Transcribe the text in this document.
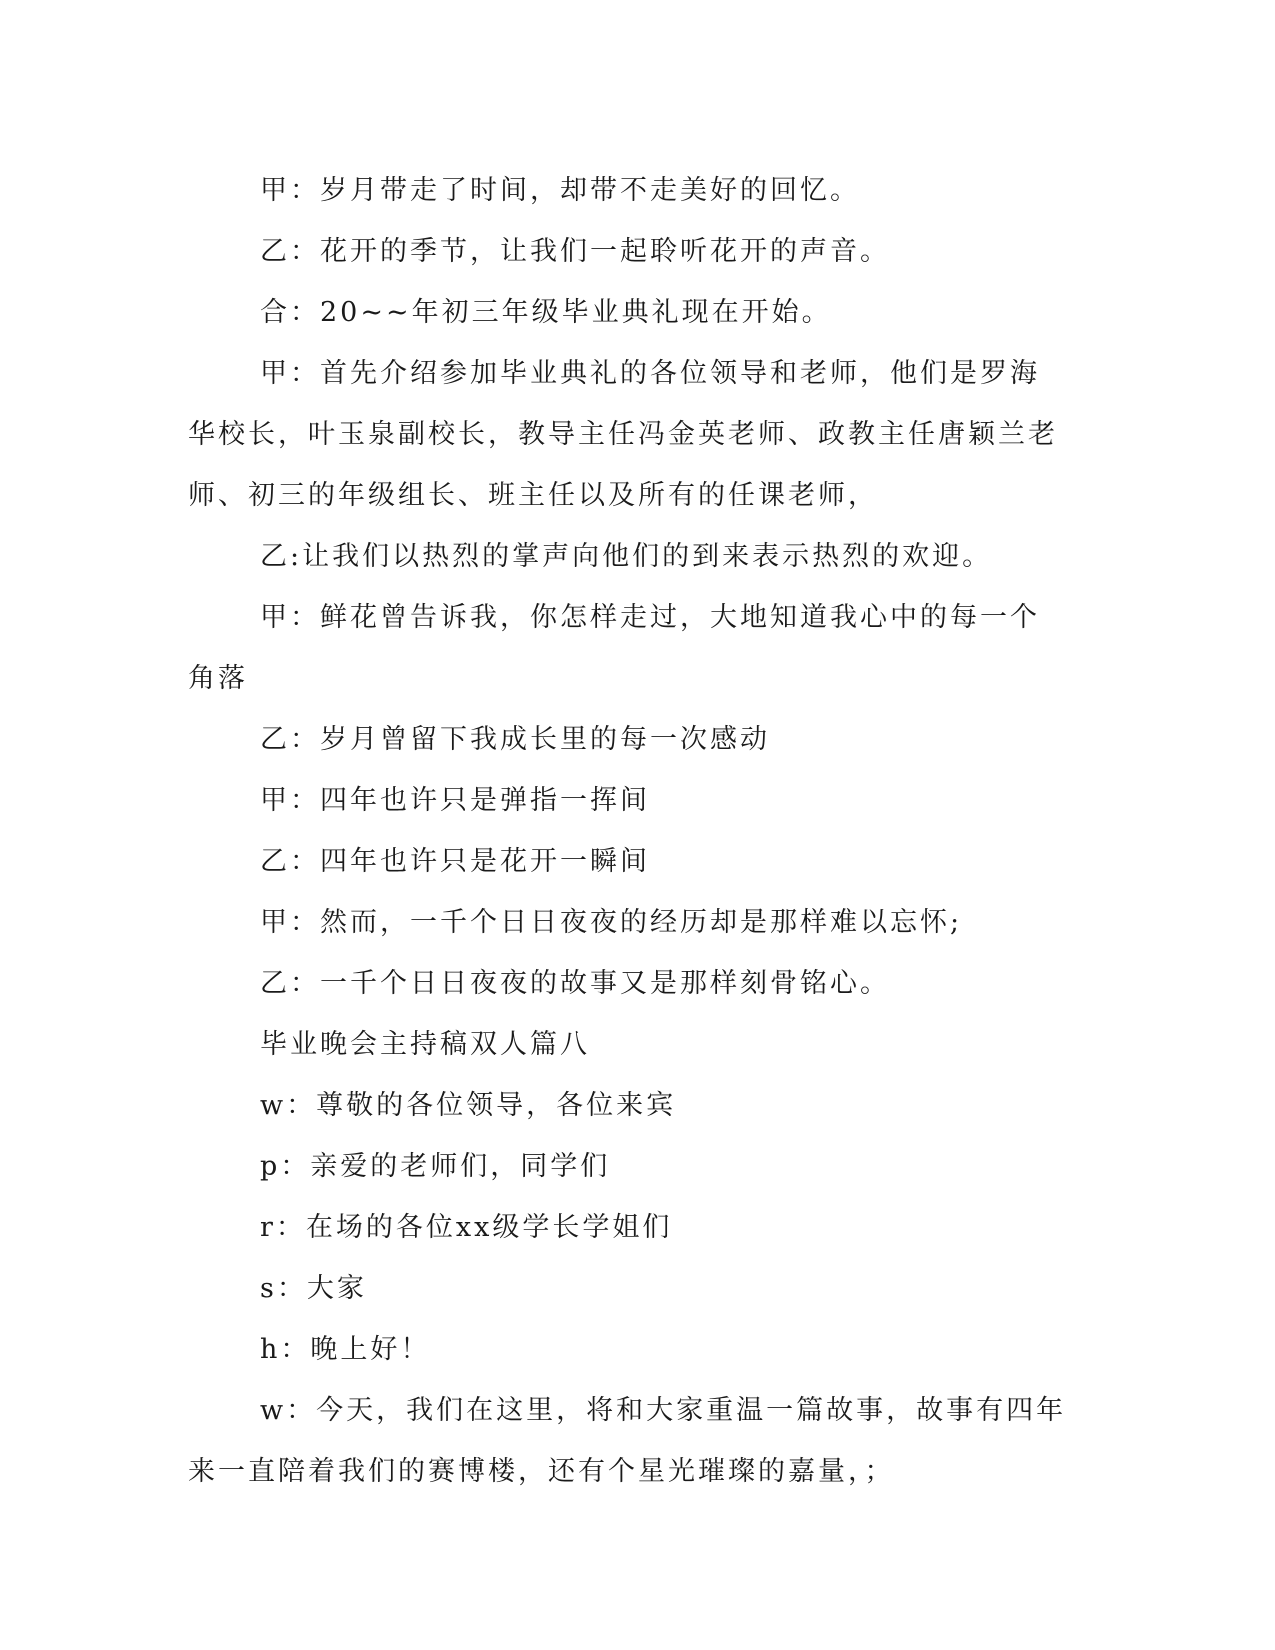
甲：岁月带走了时间，却带不走美好的回忆。

乙：花开的季节，让我们一起聆听花开的声音。

合：20~~年初三年级毕业典礼现在开始。

甲：首先介绍参加毕业典礼的各位领导和老师，他们是罗海华校长，叶玉泉副校长，教导主任冯金英老师、政教主任唐颖兰老师、初三的年级组长、班主任以及所有的任课老师，

乙:让我们以热烈的掌声向他们的到来表示热烈的欢迎。

甲：鲜花曾告诉我，你怎样走过，大地知道我心中的每一个角落

乙：岁月曾留下我成长里的每一次感动

甲：四年也许只是弹指一挥间

乙：四年也许只是花开一瞬间

甲：然而，一千个日日夜夜的经历却是那样难以忘怀;

乙：一千个日日夜夜的故事又是那样刻骨铭心。

毕业晚会主持稿双人篇八

w：尊敬的各位领导，各位来宾

p：亲爱的老师们，同学们

r：在场的各位xx级学长学姐们

s：大家

h：晚上好！

w：今天，我们在这里，将和大家重温一篇故事，故事有四年来一直陪着我们的赛博楼，还有个星光璀璨的嘉量，；
